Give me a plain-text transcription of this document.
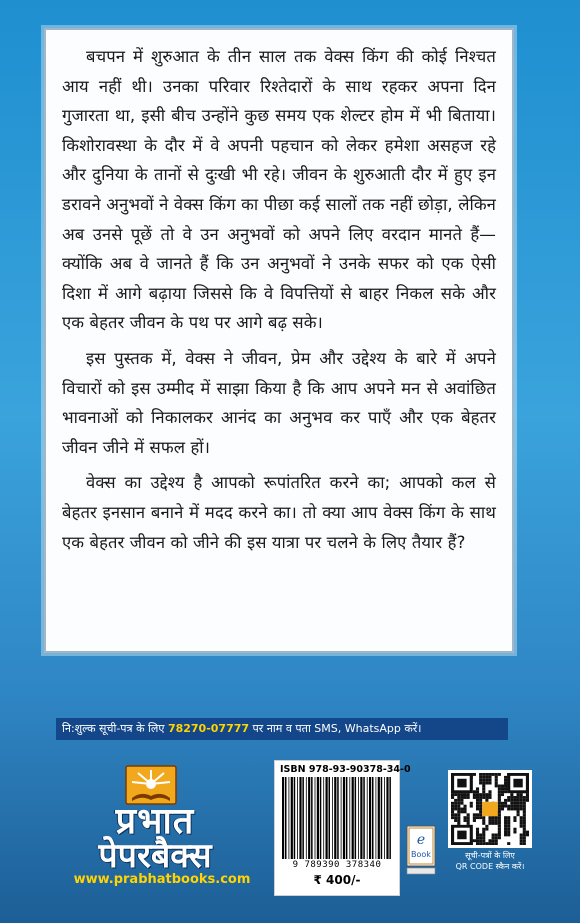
बचपन में शुरुआत के तीन साल तक वेक्स किंग की कोई निश्चत आय नहीं थी। उनका परिवार रिश्तेदारों के साथ रहकर अपना दिन गुजारता था, इसी बीच उन्होंने कुछ समय एक शेल्टर होम में भी बिताया। किशोरावस्था के दौर में वे अपनी पहचान को लेकर हमेशा असहज रहे और दुनिया के तानों से दुःखी भी रहे। जीवन के शुरुआती दौर में हुए इन डरावने अनुभवों ने वेक्स किंग का पीछा कई सालों तक नहीं छोड़ा, लेकिन अब उनसे पूछें तो वे उन अनुभवों को अपने लिए वरदान मानते हैं—क्योंकि अब वे जानते हैं कि उन अनुभवों ने उनके सफर को एक ऐसी दिशा में आगे बढ़ाया जिससे कि वे विपत्तियों से बाहर निकल सके और एक बेहतर जीवन के पथ पर आगे बढ़ सके।

इस पुस्तक में, वेक्स ने जीवन, प्रेम और उद्देश्य के बारे में अपने विचारों को इस उम्मीद में साझा किया है कि आप अपने मन से अवांछित भावनाओं को निकालकर आनंद का अनुभव कर पाएँ और एक बेहतर जीवन जीने में सफल हों।

वेक्स का उद्देश्य है आपको रूपांतरित करने का; आपको कल से बेहतर इनसान बनाने में मदद करने का। तो क्या आप वेक्स किंग के साथ एक बेहतर जीवन को जीने की इस यात्रा पर चलने के लिए तैयार हैं?

नि:शुल्क सूची-पत्र के लिए 78270-07777 पर नाम व पता SMS, WhatsApp करें।
प्रभात
पेपरबैक्स
www.prabhatbooks.com
ISBN 978-93-90378-34-0
9 789390 378340
₹ 400/-
e
Book	सूची-पत्रों के लिए
QR CODE स्कैन करें।
